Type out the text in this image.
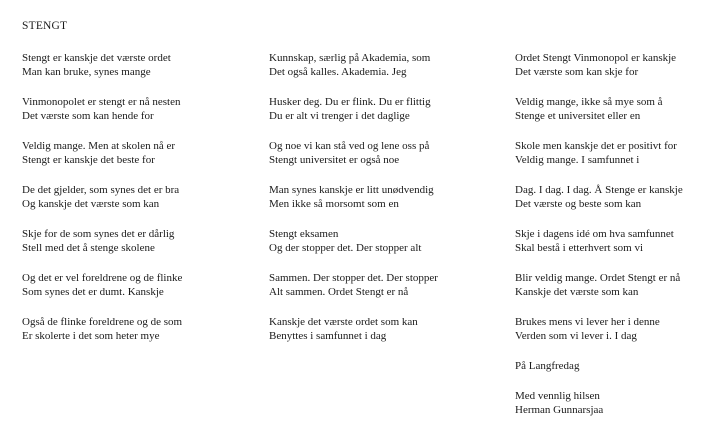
STENGT
Stengt er kanskje det værste ordet
Man kan bruke, synes mange
Vinmonopolet er stengt er nå nesten
Det værste som kan hende for
Veldig mange. Men at skolen nå er
Stengt er kanskje det beste for
De det gjelder, som synes det er bra
Og kanskje det værste som kan
Skje for de som synes det er dårlig
Stell med det å stenge skolene
Og det er vel foreldrene og de flinke
Som synes det er dumt. Kanskje
Også de flinke foreldrene og de som
Er skolerte i det som heter mye
Kunnskap, særlig på Akademia, som
Det også kalles. Akademia. Jeg
Husker deg. Du er flink. Du er flittig
Du er alt vi trenger i det daglige
Og noe vi kan stå ved og lene oss på
Stengt universitet er også noe
Man synes kanskje er litt unødvendig
Men ikke så morsomt som en
Stengt eksamen
Og der stopper det. Der stopper alt
Sammen. Der stopper det. Der stopper
Alt sammen. Ordet Stengt er nå
Kanskje det værste ordet som kan
Benyttes i samfunnet i dag
Ordet Stengt Vinmonopol er kanskje
Det værste som kan skje for
Veldig mange, ikke så mye som å
Stenge et universitet eller en
Skole men kanskje det er positivt for
Veldig mange. I samfunnet i
Dag. I dag. I dag. Å Stenge er kanskje
Det værste og beste som kan
Skje i dagens idé om hva samfunnet
Skal bestå i etterhvert som vi
Blir veldig mange. Ordet Stengt er nå
Kanskje det værste som kan
Brukes mens vi lever her i denne
Verden som vi lever i. I dag
På Langfredag
Med vennlig hilsen
Herman Gunnarsjaa
